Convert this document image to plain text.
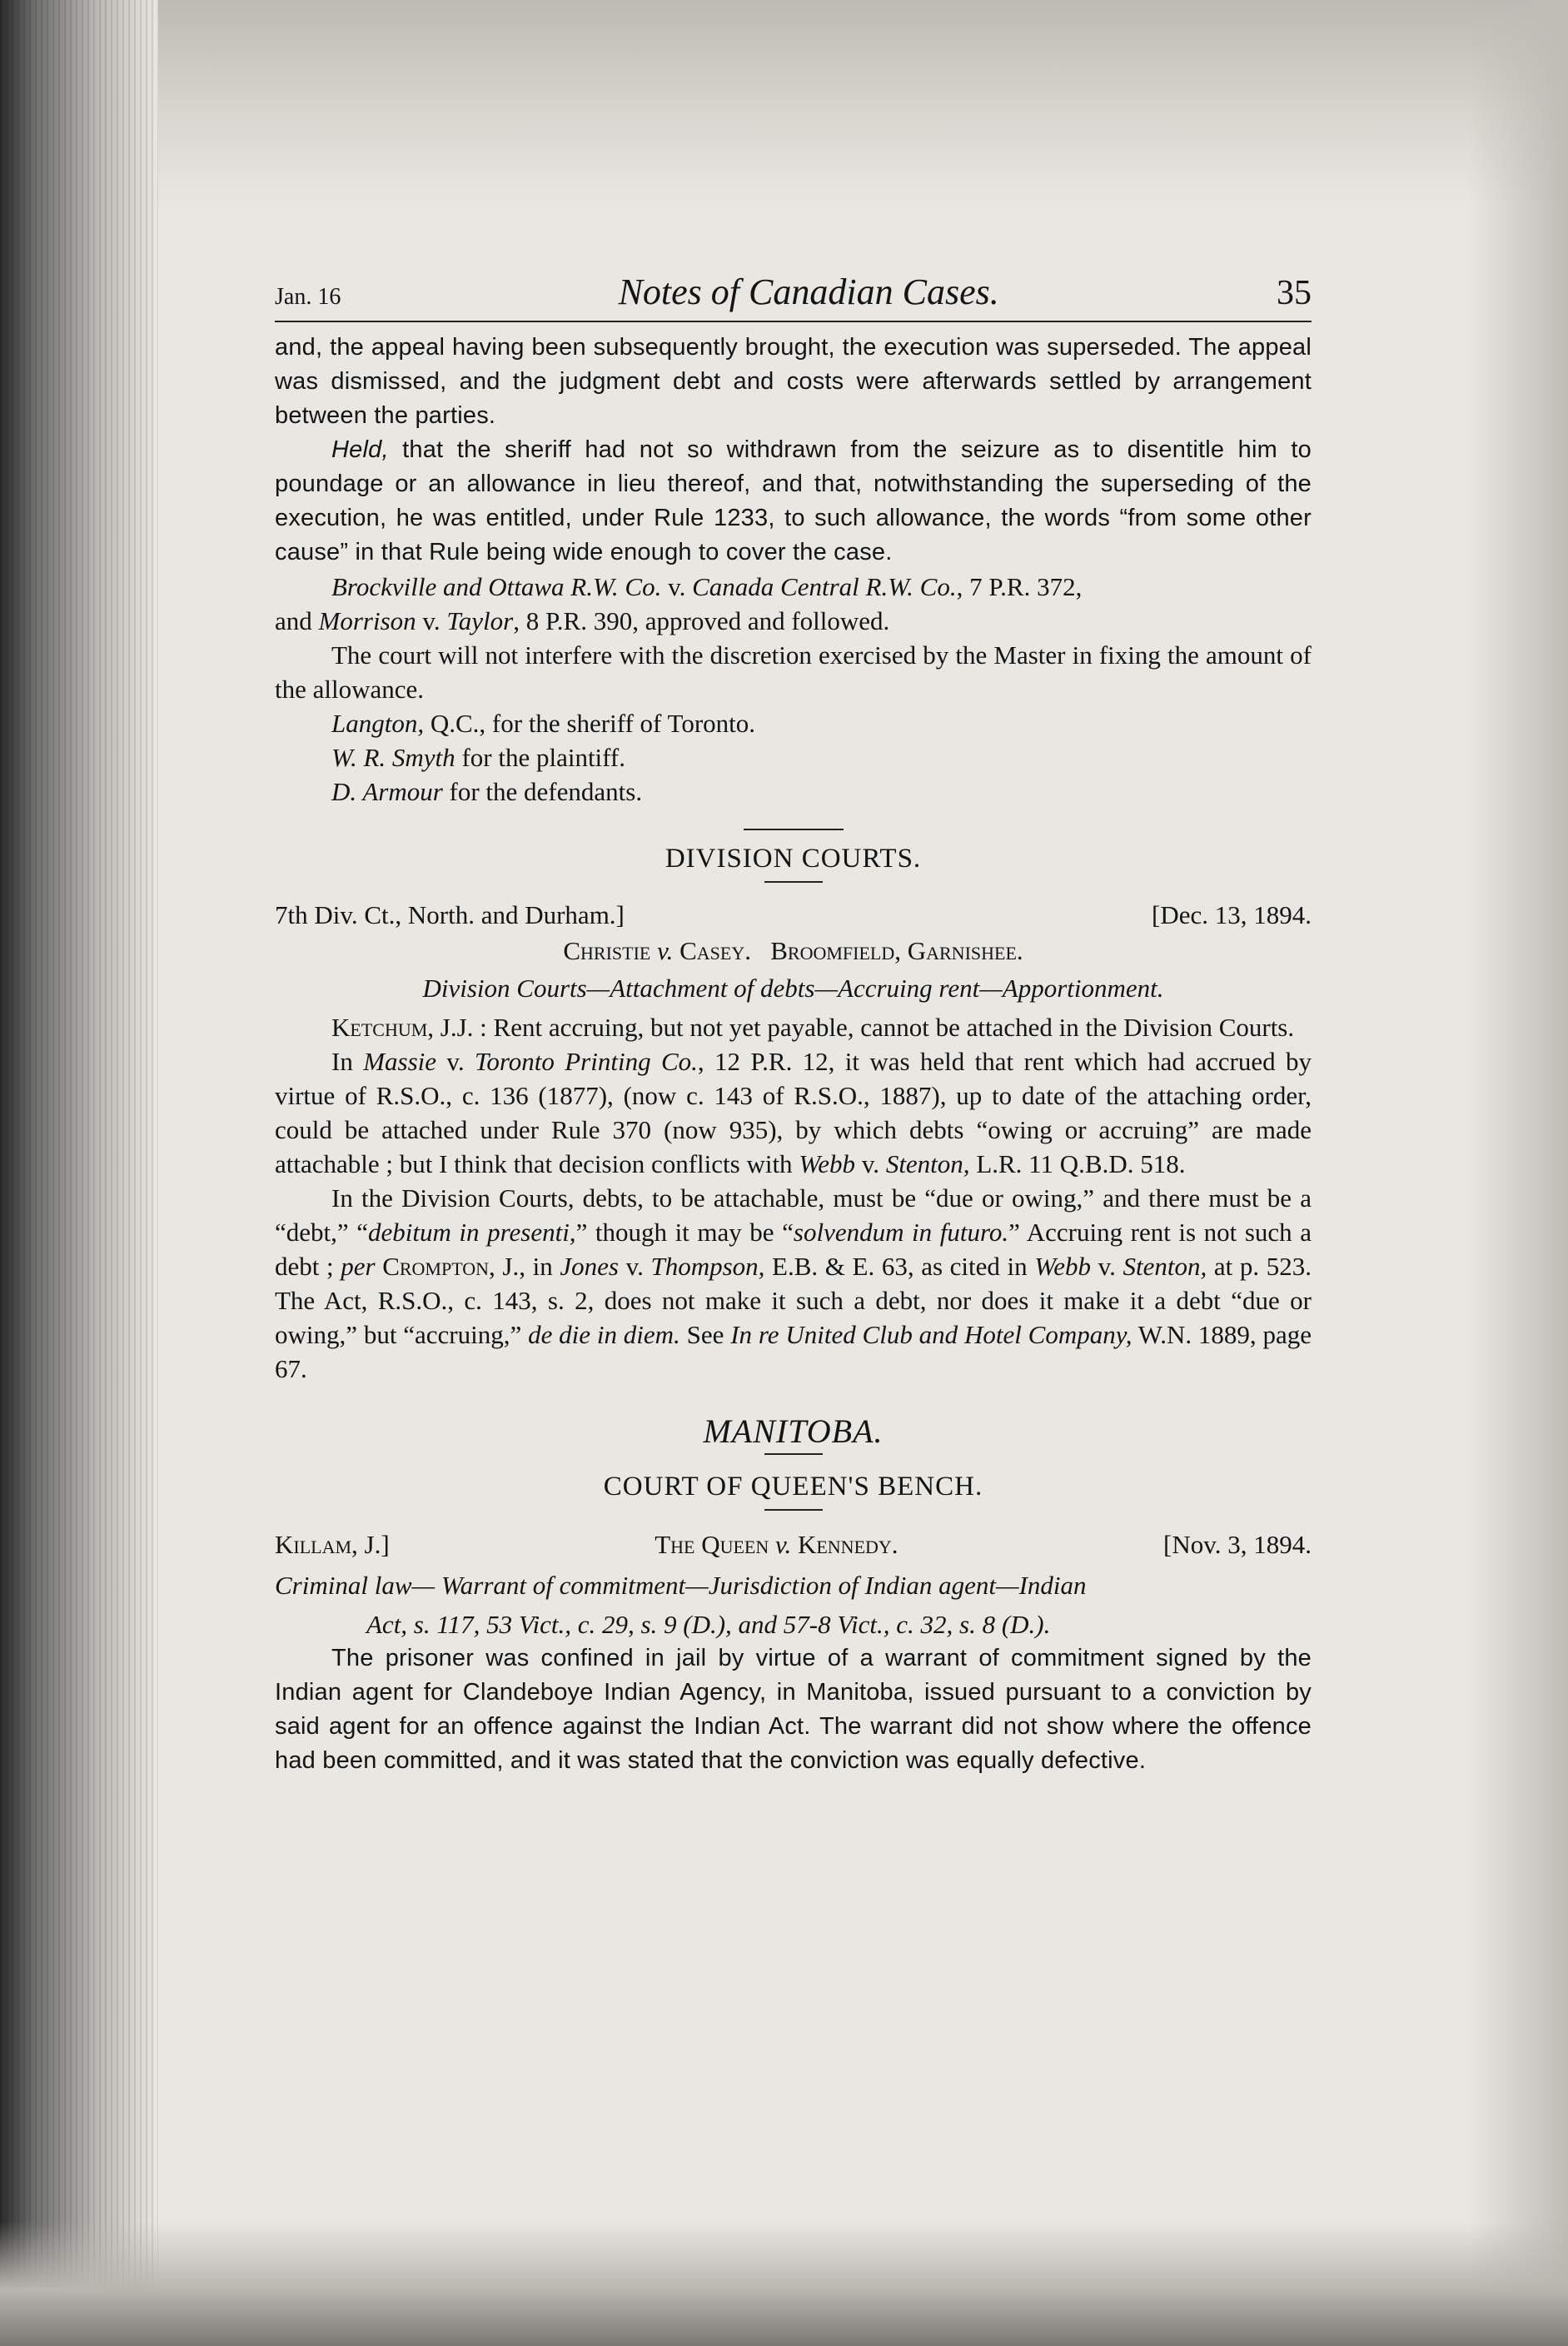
Jan. 16	Notes of Canadian Cases.	35

and, the appeal having been subsequently brought, the execution was superseded. The appeal was dismissed, and the judgment debt and costs were afterwards settled by arrangement between the parties.

Held, that the sheriff had not so withdrawn from the seizure as to disentitle him to poundage or an allowance in lieu thereof, and that, notwithstanding the superseding of the execution, he was entitled, under Rule 1233, to such allowance, the words “from some other cause” in that Rule being wide enough to cover the case.

Brockville and Ottawa R.W. Co. v. Canada Central R.W. Co., 7 P.R. 372,

and Morrison v. Taylor, 8 P.R. 390, approved and followed.

The court will not interfere with the discretion exercised by the Master in fixing the amount of the allowance.

Langton, Q.C., for the sheriff of Toronto.

W. R. Smyth for the plaintiff.

D. Armour for the defendants.

DIVISION COURTS.
7th Div. Ct., North. and Durham.]	[Dec. 13, 1894.
Christie v. Casey. Broomfield, Garnishee.
Division Courts—Attachment of debts—Accruing rent—Apportionment.

Ketchum, J.J. : Rent accruing, but not yet payable, cannot be attached in the Division Courts.

In Massie v. Toronto Printing Co., 12 P.R. 12, it was held that rent which had accrued by virtue of R.S.O., c. 136 (1877), (now c. 143 of R.S.O., 1887), up to date of the attaching order, could be attached under Rule 370 (now 935), by which debts “owing or accruing” are made attachable ; but I think that decision conflicts with Webb v. Stenton, L.R. 11 Q.B.D. 518.

In the Division Courts, debts, to be attachable, must be “due or owing,” and there must be a “debt,” “debitum in presenti,” though it may be “solvendum in futuro.” Accruing rent is not such a debt ; per Crompton, J., in Jones v. Thompson, E.B. & E. 63, as cited in Webb v. Stenton, at p. 523. The Act, R.S.O., c. 143, s. 2, does not make it such a debt, nor does it make it a debt “due or owing,” but “accruing,” de die in diem. See In re United Club and Hotel Company, W.N. 1889, page 67.

MANITOBA.
COURT OF QUEEN'S BENCH.
Killam, J.]	The Queen v. Kennedy.	[Nov. 3, 1894.
Criminal law— Warrant of commitment—Jurisdiction of Indian agent—Indian
Act, s. 117, 53 Vict., c. 29, s. 9 (D.), and 57-8 Vict., c. 32, s. 8 (D.).

The prisoner was confined in jail by virtue of a warrant of commitment signed by the Indian agent for Clandeboye Indian Agency, in Manitoba, issued pursuant to a conviction by said agent for an offence against the Indian Act. The warrant did not show where the offence had been committed, and it was stated that the conviction was equally defective.
